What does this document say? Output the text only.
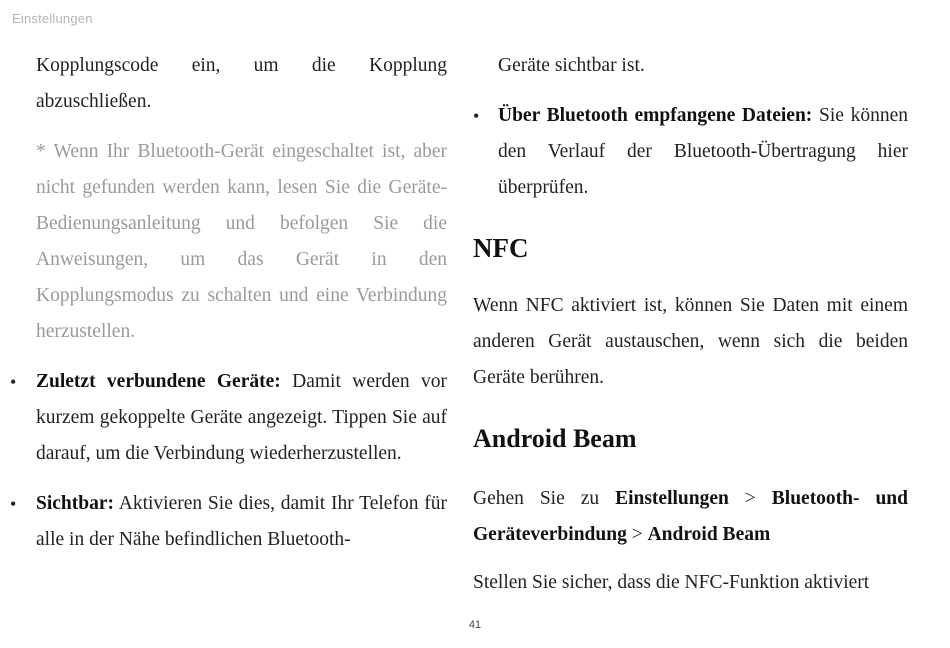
Einstellungen

Kopplungscode ein, um die Kopplung abzuschließen.

* Wenn Ihr Bluetooth-Gerät eingeschaltet ist, aber nicht gefunden werden kann, lesen Sie die Geräte-Bedienungsanleitung und befolgen Sie die Anweisungen, um das Gerät in den Kopplungsmodus zu schalten und eine Verbindung herzustellen.

• Zuletzt verbundene Geräte: Damit werden vor kurzem gekoppelte Geräte angezeigt. Tippen Sie auf darauf, um die Verbindung wiederherzustellen.
• Sichtbar: Aktivieren Sie dies, damit Ihr Telefon für alle in der Nähe befindlichen Bluetooth-

Geräte sichtbar ist.

• Über Bluetooth empfangene Dateien: Sie können den Verlauf der Bluetooth-Übertragung hier überprüfen.
NFC

Wenn NFC aktiviert ist, können Sie Daten mit einem anderen Gerät austauschen, wenn sich die beiden Geräte berühren.

Android Beam

Gehen Sie zu Einstellungen > Bluetooth- und Geräteverbindung > Android Beam

Stellen Sie sicher, dass die NFC-Funktion aktiviert

41
